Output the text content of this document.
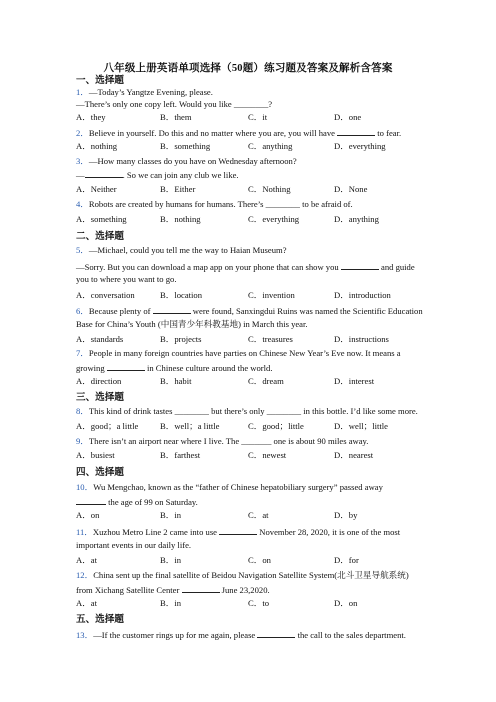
八年级上册英语单项选择（50题）练习题及答案及解析含答案
一、选择题
1．—Today’s Yangtze Evening, please.
—There’s only one copy left. Would you like ________?
A．they	B．them	C．it	D．one
2．Believe in yourself. Do this and no matter where you are, you will have	to fear.
A．nothing	B．something	C．anything	D．everything
3．—How many classes do you have on Wednesday afternoon?
—	. So we can join any club we like.
A．Neither	B．Either	C．Nothing	D．None
4．Robots are created by humans for humans. There’s ________ to be afraid of.
A．something	B．nothing	C．everything	D．anything
二、选择题
5．—Michael, could you tell me the way to Haian Museum?
—Sorry. But you can download a map app on your phone that can show you	and guide
you to where you want to go.
A．conversation	B．location	C．invention	D．introduction
6．Because plenty of	were found, Sanxingdui Ruins was named the Scientific Education
Base for China’s Youth (中国青少年科教基地) in March this year.
A．standards	B．projects	C．treasures	D．instructions
7．People in many foreign countries have parties on Chinese New Year’s Eve now. It means a
growing	in Chinese culture around the world.
A．direction	B．habit	C．dream	D．interest
三、选择题
8．This kind of drink tastes ________ but there’s only ________ in this bottle. I’d like some more.
A．good；a little	B．well；a little	C．good；little	D．well；little
9．There isn’t an airport near where I live. The _______ one is about 90 miles away.
A．busiest	B．farthest	C．newest	D．nearest
四、选择题
10．Wu Mengchao, known as the “father of Chinese hepatobiliary surgery” passed away
the age of 99 on Saturday.
A．on	B．in	C．at	D．by
11．Xuzhou Metro Line 2 came into use	November 28, 2020, it is one of the most
important events in our daily life.
A．at	B．in	C．on	D．for
12．China sent up the final satellite of Beidou Navigation Satellite System(北斗卫星导航系统)
from Xichang Satellite Center	June 23,2020.
A．at	B．in	C．to	D．on
五、选择题
13．—If the customer rings up for me again, please	the call to the sales department.
